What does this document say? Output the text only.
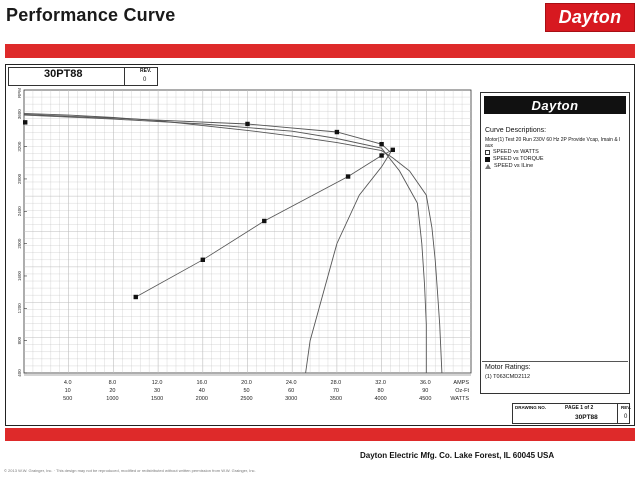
Performance Curve	Dayton
30PT88	REV.
0
RPM
400
800
1200
1600
2000
2400
2800
3200
3600
4.0	8.0	12.0	16.0	20.0	24.0	28.0	32.0	36.0	AMPS
10	20	30	40	50	60	70	80	90	Oz-Ft
500	1000	1500	2000	2500	3000	3500	4000	4500	WATTS
Dayton
Curve Descriptions:
Motor(1) Test 20 Run 230V 60 Hz 2P Provide Vcap, Imain & I aux
SPEED vs WATTS
SPEED vs TORQUE
SPEED vs ILine
Motor Ratings:
(1) T063CMD2112
DRAWING NO.	PAGE 1 of 2
30PT88
REV.
0
Dayton Electric Mfg. Co. Lake Forest, IL 60045 USA
© 2013 W.W. Grainger, Inc. · This design may not be reproduced, modified or redistributed without written permission from W.W. Grainger, Inc.
